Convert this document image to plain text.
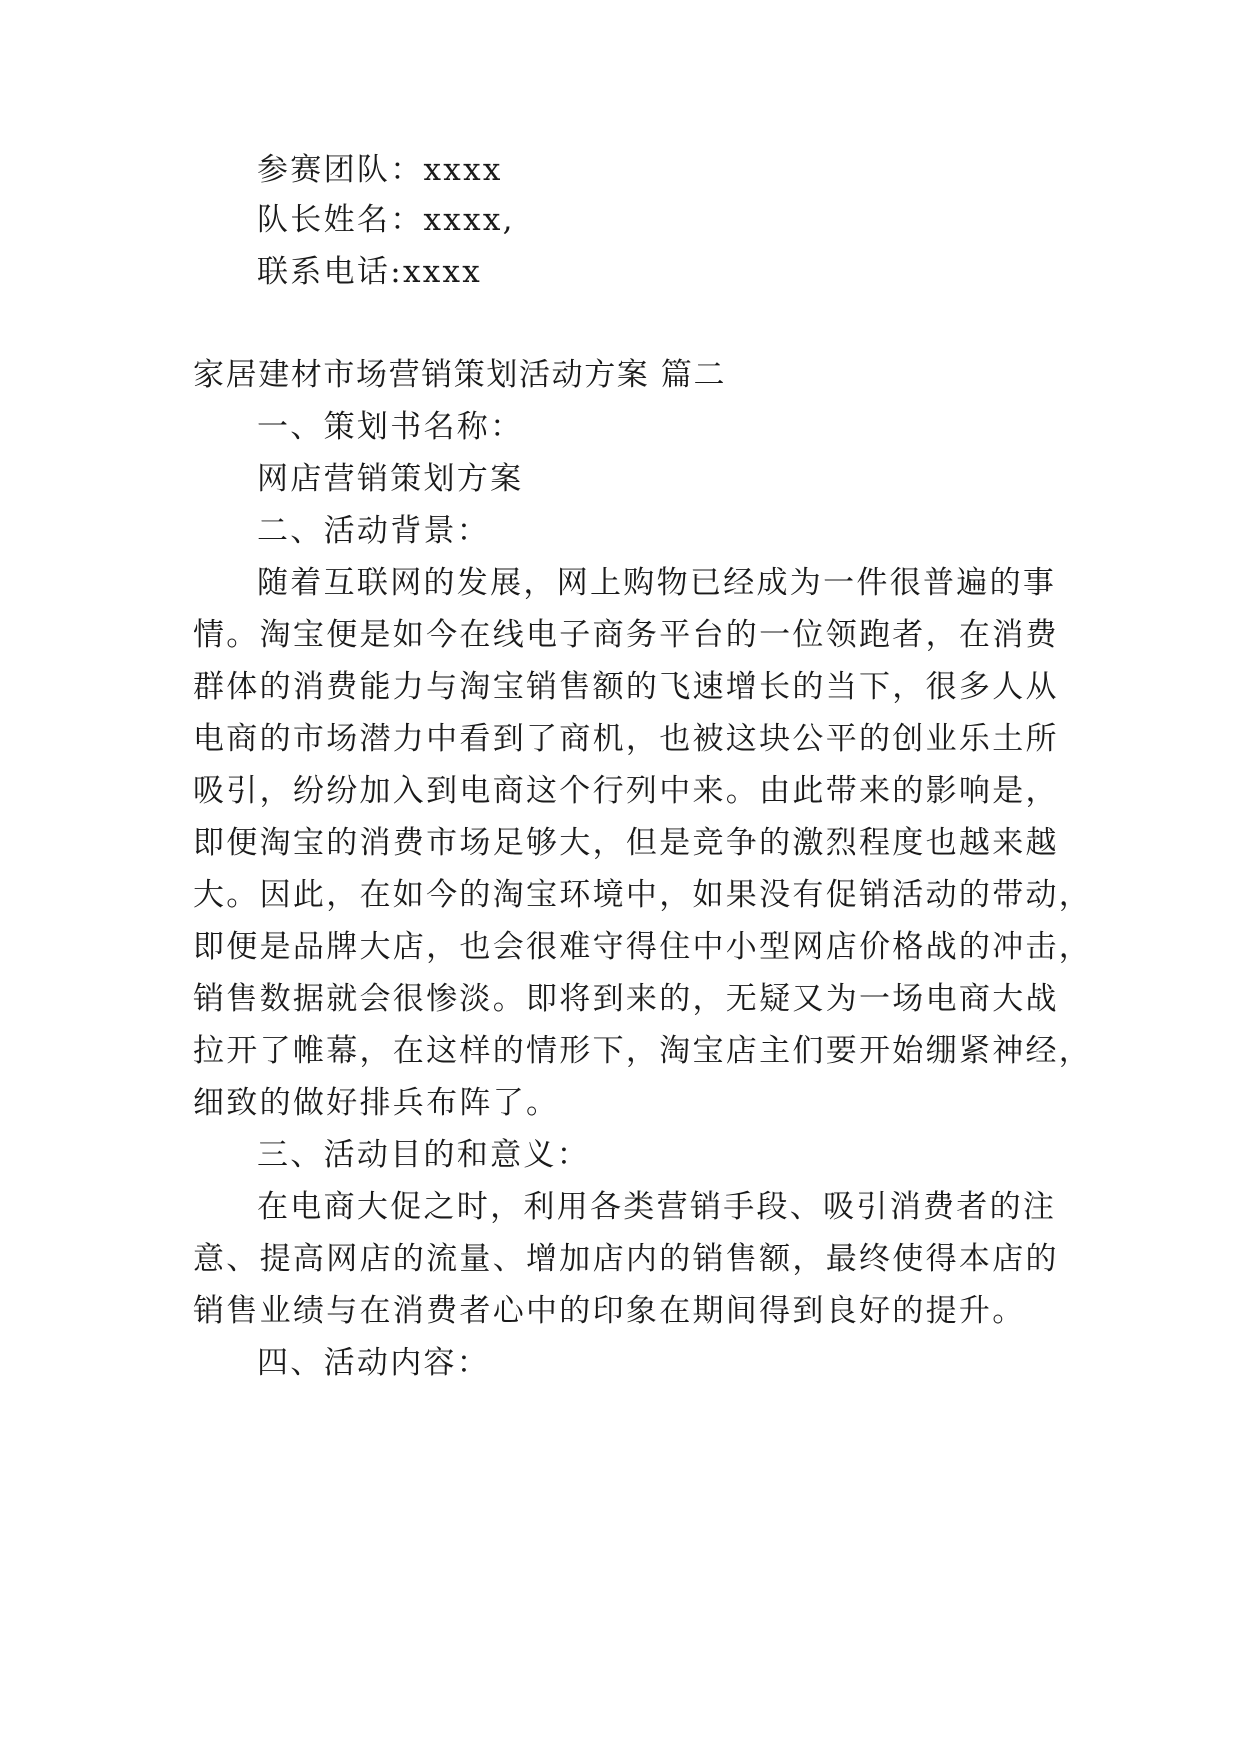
参赛团队：xxxx
队长姓名：xxxx,
联系电话:xxxx
家居建材市场营销策划活动方案 篇二
一、策划书名称：
网店营销策划方案
二、活动背景：
随着互联网的发展，网上购物已经成为一件很普遍的事
情。淘宝便是如今在线电子商务平台的一位领跑者，在消费
群体的消费能力与淘宝销售额的飞速增长的当下，很多人从
电商的市场潜力中看到了商机，也被这块公平的创业乐土所
吸引，纷纷加入到电商这个行列中来。由此带来的影响是，
即便淘宝的消费市场足够大，但是竞争的激烈程度也越来越
大。因此，在如今的淘宝环境中，如果没有促销活动的带动，
即便是品牌大店，也会很难守得住中小型网店价格战的冲击，
销售数据就会很惨淡。即将到来的，无疑又为一场电商大战
拉开了帷幕，在这样的情形下，淘宝店主们要开始绷紧神经，
细致的做好排兵布阵了。
三、活动目的和意义：
在电商大促之时，利用各类营销手段、吸引消费者的注
意、提高网店的流量、增加店内的销售额，最终使得本店的
销售业绩与在消费者心中的印象在期间得到良好的提升。
四、活动内容：
